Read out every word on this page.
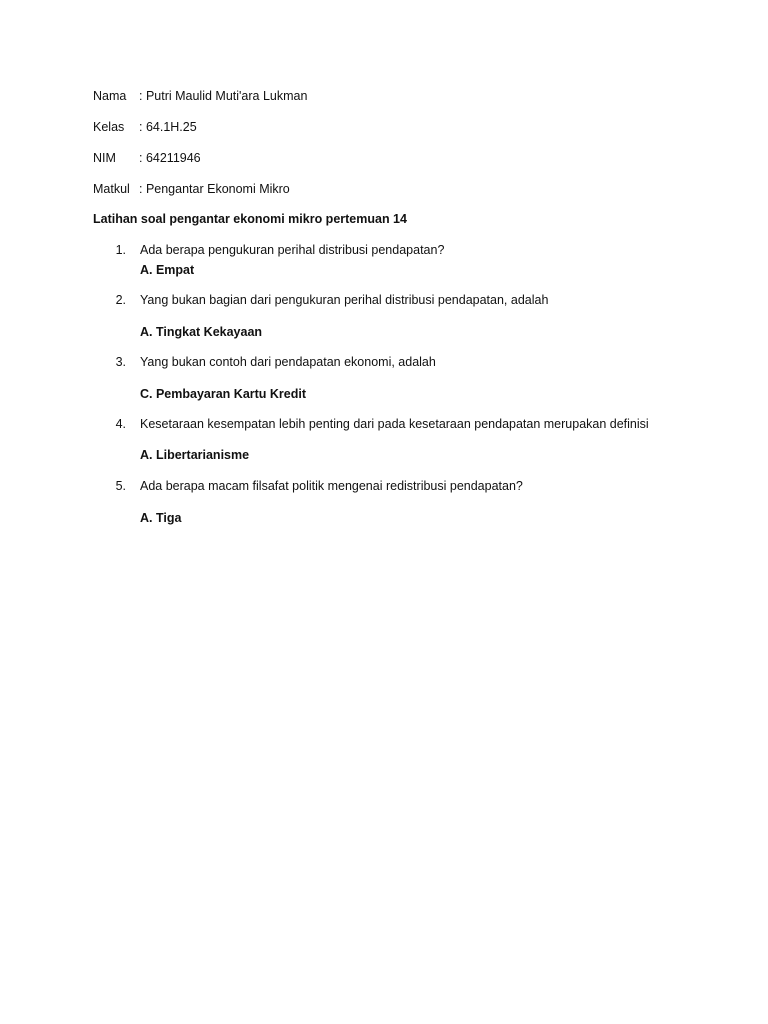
Nama : Putri Maulid Muti'ara Lukman
Kelas : 64.1H.25
NIM : 64211946
Matkul : Pengantar Ekonomi Mikro
Latihan soal pengantar ekonomi mikro pertemuan 14
1. Ada berapa pengukuran perihal distribusi pendapatan?
A. Empat
2. Yang bukan bagian dari pengukuran perihal distribusi pendapatan, adalah
A. Tingkat Kekayaan
3. Yang bukan contoh dari pendapatan ekonomi, adalah
C. Pembayaran Kartu Kredit
4. Kesetaraan kesempatan lebih penting dari pada kesetaraan pendapatan merupakan definisi
A. Libertarianisme
5. Ada berapa macam filsafat politik mengenai redistribusi pendapatan?
A. Tiga
